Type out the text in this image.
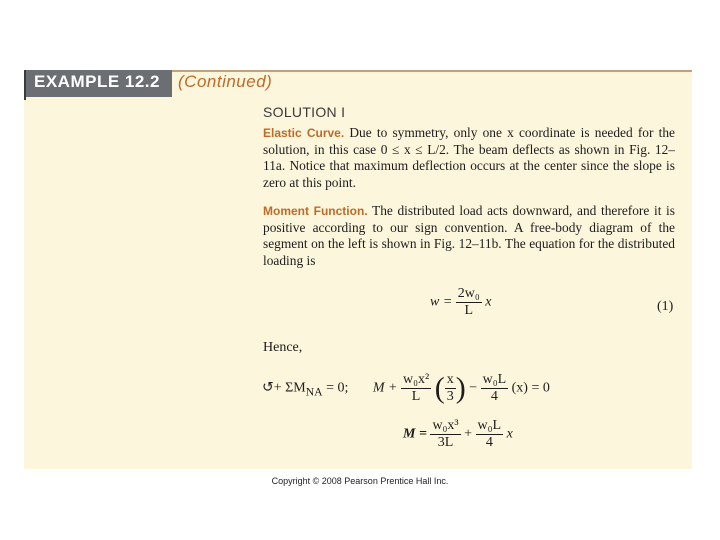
EXAMPLE 12.2 (Continued)
SOLUTION I
Elastic Curve. Due to symmetry, only one x coordinate is needed for the solution, in this case 0 ≤ x ≤ L/2. The beam deflects as shown in Fig. 12–11a. Notice that maximum deflection occurs at the center since the slope is zero at this point.
Moment Function. The distributed load acts downward, and therefore it is positive according to our sign convention. A free-body diagram of the segment on the left is shown in Fig. 12–11b. The equation for the distributed loading is
$w = \frac{\text{2w₀}}{L}$ x	(1)
Hence,
↺+ $\Sigma M_{NA} = 0$; $M + \frac{\text{w₀x²}}{L}$ ( $\frac{x}{3}$ ) − $\frac{\text{w₀L}}{4} (x) = 0$
$M = \frac{\text{w₀x³}}{3L} + \frac{\text{w₀L}}{4}$ x
Copyright © 2008 Pearson Prentice Hall Inc.
